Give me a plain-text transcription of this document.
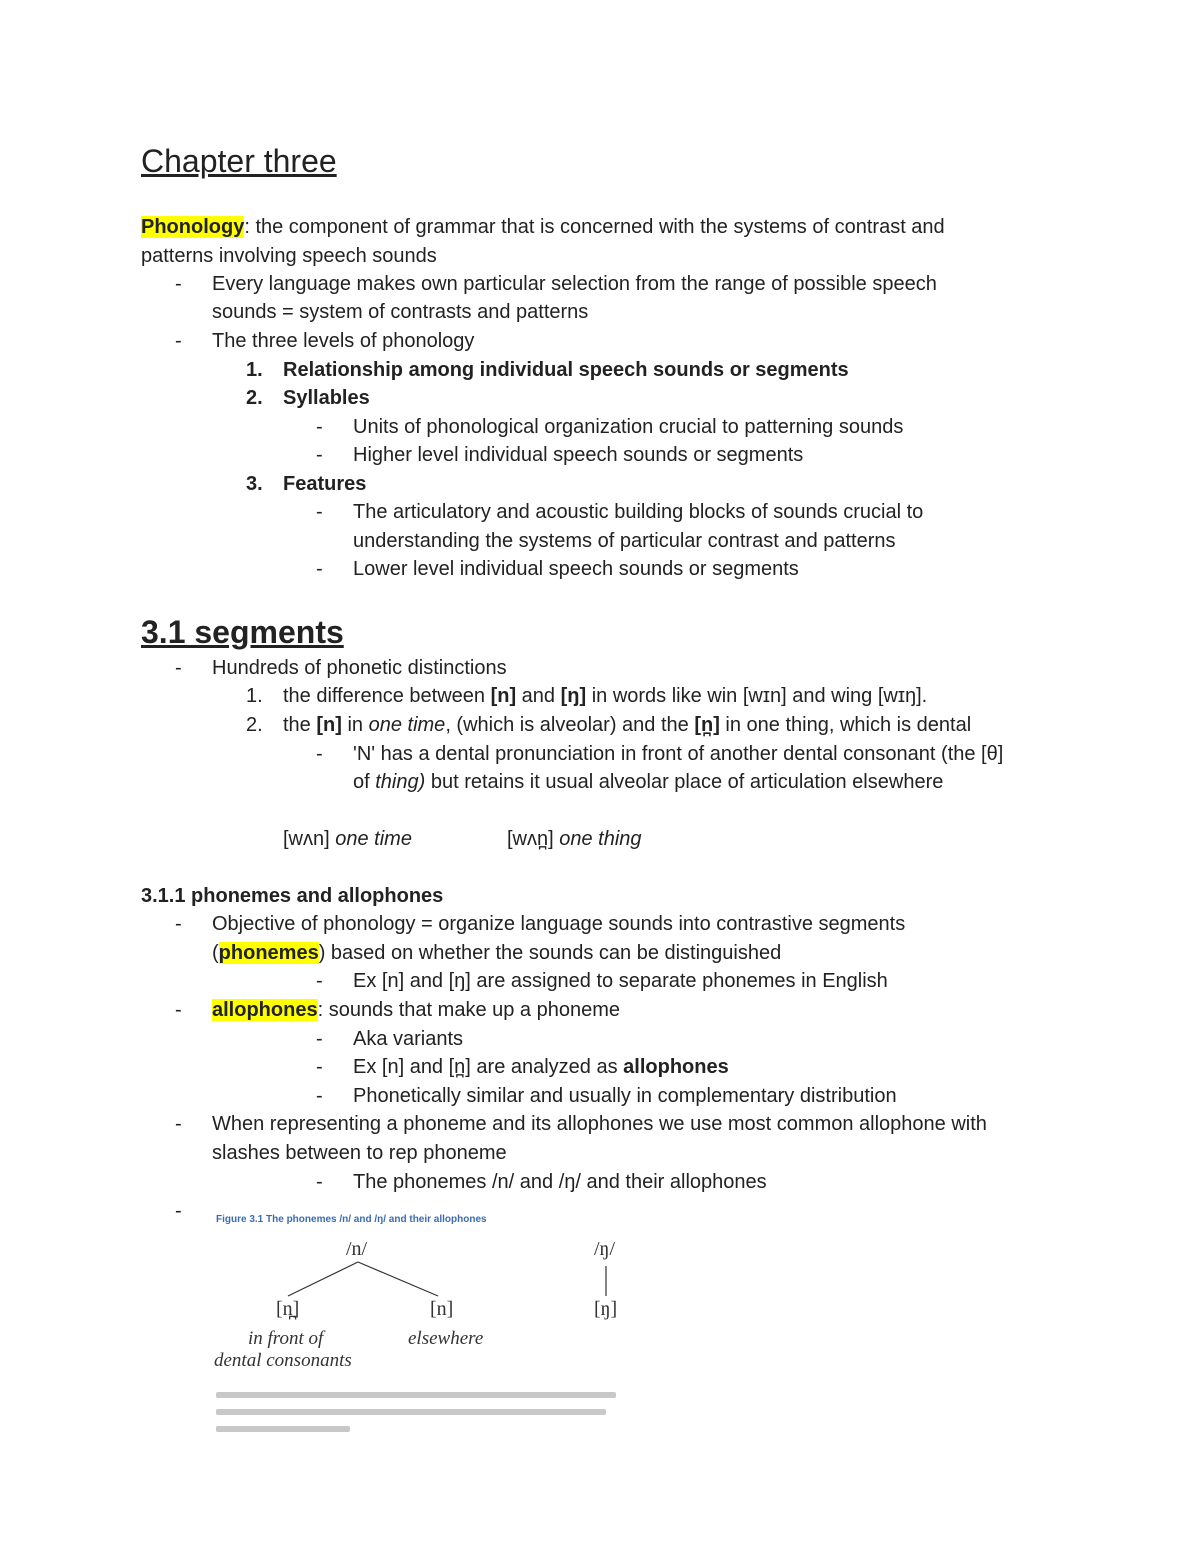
Chapter three
Phonology: the component of grammar that is concerned with the systems of contrast and
patterns involving speech sounds
- Every language makes own particular selection from the range of possible speech
sounds = system of contrasts and patterns
- The three levels of phonology
1. Relationship among individual speech sounds or segments
2. Syllables
- Units of phonological organization crucial to patterning sounds
- Higher level individual speech sounds or segments
3. Features
- The articulatory and acoustic building blocks of sounds crucial to
understanding the systems of particular contrast and patterns
- Lower level individual speech sounds or segments
3.1 segments
- Hundreds of phonetic distinctions
1. the difference between [n] and [ŋ] in words like win [wɪn] and wing [wɪŋ].
2. the [n] in one time, (which is alveolar) and the [n̪] in one thing, which is dental
- 'N' has a dental pronunciation in front of another dental consonant (the [θ]
of thing) but retains it usual alveolar place of articulation elsewhere
[wʌn] one time	[wʌn̪] one thing
3.1.1 phonemes and allophones
- Objective of phonology = organize language sounds into contrastive segments
(phonemes) based on whether the sounds can be distinguished
- Ex [n] and [ŋ] are assigned to separate phonemes in English
- allophones: sounds that make up a phoneme
- Aka variants
- Ex [n] and [n̪] are analyzed as allophones
- Phonetically similar and usually in complementary distribution
- When representing a phoneme and its allophones we use most common allophone with
slashes between to rep phoneme
- The phonemes /n/ and /ŋ/ and their allophones
-	Figure 3.1 The phonemes /n/ and /ŋ/ and their allophones
/n/	/ŋ/
[n̪]	[n]	[ŋ]
in front of
dental consonants
elsewhere
